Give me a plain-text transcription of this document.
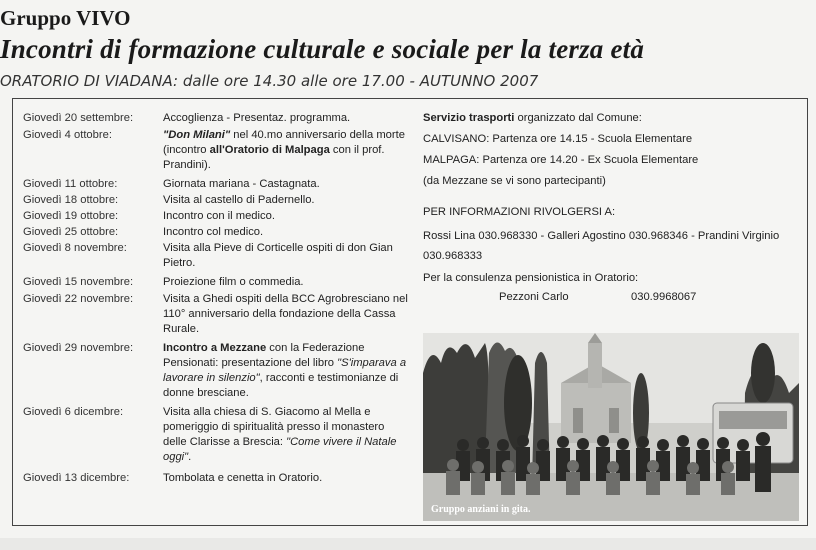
Gruppo VIVO
Incontri di formazione culturale e sociale per la terza età
ORATORIO DI VIADANA: dalle ore 14.30 alle ore 17.00 - AUTUNNO 2007
Giovedì 20 settembre:	Accoglienza - Presentaz. programma.
Giovedì 4 ottobre:	"Don Milani" nel 40.mo anniversario della morte (incontro all'Oratorio di Malpaga con il prof. Prandini).
Giovedì 11 ottobre:	Giornata mariana - Castagnata.
Giovedì 18 ottobre:	Visita al castello di Padernello.
Giovedì 19 ottobre:	Incontro con il medico.
Giovedì 25 ottobre:	Incontro col medico.
Giovedì 8 novembre:	Visita alla Pieve di Corticelle ospiti di don Gian Pietro.
Giovedì 15 novembre:	Proiezione film o commedia.
Giovedì 22 novembre:	Visita a Ghedi ospiti della BCC Agrobresciano nel 110° anniversario della fondazione della Cassa Rurale.
Giovedì 29 novembre:	Incontro a Mezzane con la Federazione Pensionati: presentazione del libro "S'imparava a lavorare in silenzio", racconti e testimonianze di donne bresciane.
Giovedì 6 dicembre:	Visita alla chiesa di S. Giacomo al Mella e pomeriggio di spiritualità presso il monastero delle Clarisse a Brescia: "Come vivere il Natale oggi".
Giovedì 13 dicembre:	Tombolata e cenetta in Oratorio.

Servizio trasporti organizzato dal Comune:

CALVISANO: Partenza ore 14.15 - Scuola Elementare

MALPAGA: Partenza ore 14.20 - Ex Scuola Elementare

(da Mezzane se vi sono partecipanti)

PER INFORMAZIONI RIVOLGERSI A:

Rossi Lina 030.968330 - Galleri Agostino 030.968346 - Prandini Virginio 030.968333

Per la consulenza pensionistica in Oratorio:

Pezzoni Carlo	030.9968067
Gruppo anziani in gita.
